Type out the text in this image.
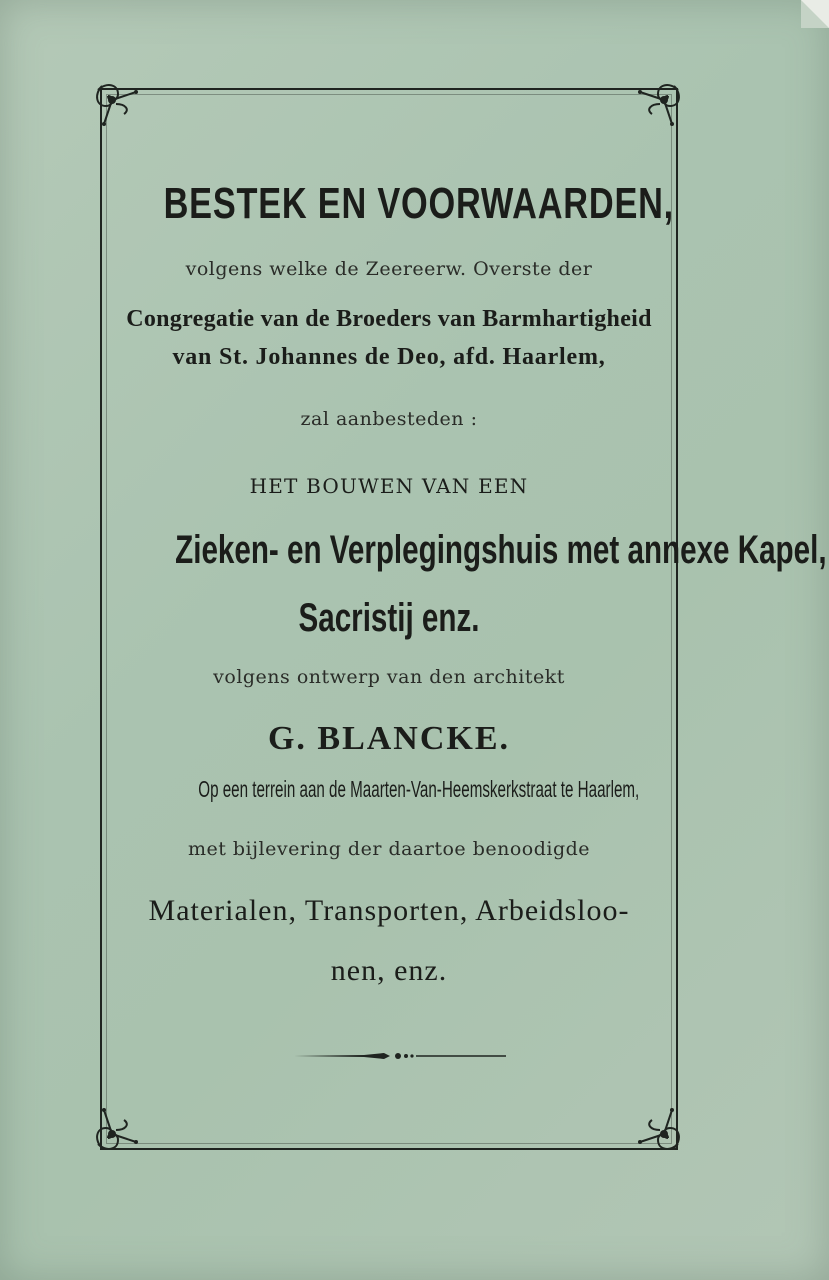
BESTEK EN VOORWAARDEN,
volgens welke de Zeereerw. Overste der
Congregatie van de Broeders van Barmhartigheid
van St. Johannes de Deo, afd. Haarlem,
zal aanbesteden :
HET BOUWEN VAN EEN
Zieken- en Verplegingshuis met annexe Kapel,
Sacristij enz.
volgens ontwerp van den architekt
G. BLANCKE.
Op een terrein aan de Maarten-Van-Heemskerkstraat te Haarlem,
met bijlevering der daartoe benoodigde
Materialen, Transporten, Arbeidsloo-
nen, enz.
